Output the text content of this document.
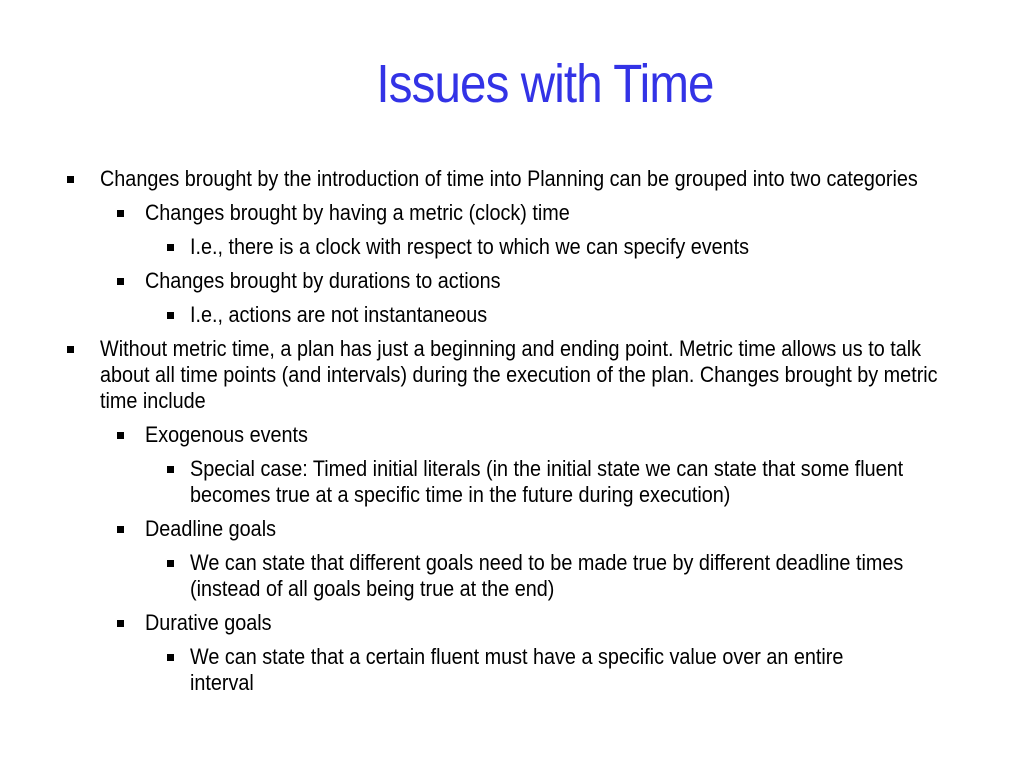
Issues with Time
Changes brought by the introduction of time into Planning can be grouped into two categories
Changes brought by having a metric (clock) time
I.e., there is a clock with respect to which we can specify events
Changes brought by durations to actions
I.e., actions are not instantaneous
Without metric time, a plan has just a beginning and ending point. Metric time allows us to talk about all time points (and intervals) during the execution of the plan. Changes brought by metric time include
Exogenous events
Special case: Timed initial literals (in the initial state we can state that some fluent becomes true at a specific time in the future during execution)
Deadline goals
We can state that different goals need to be made true by different deadline times (instead of all goals being true at the end)
Durative goals
We can state that a certain fluent must have a specific value over an entire interval
